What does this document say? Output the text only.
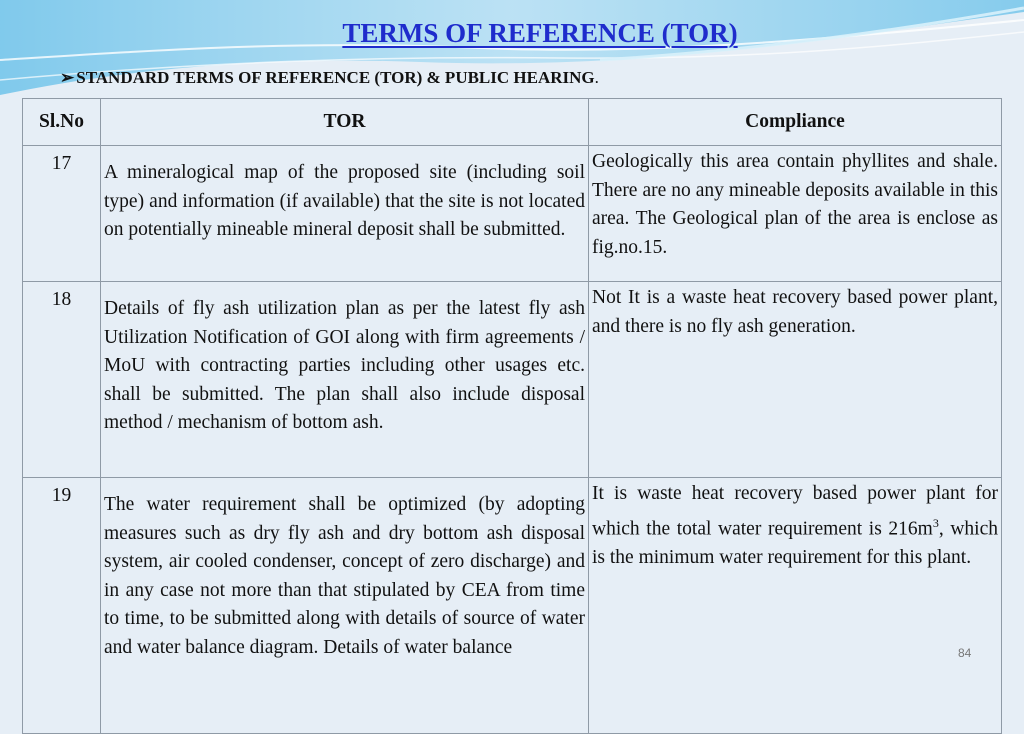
TERMS OF REFERENCE (TOR)
➢ STANDARD TERMS OF REFERENCE (TOR) & PUBLIC HEARING.
Sl.No	TOR	Compliance
17	A mineralogical map of the proposed site (including soil type) and information (if available) that the site is not located on potentially mineable mineral deposit shall be submitted.	Geologically this area contain phyllites and shale. There are no any mineable deposits available in this area. The Geological plan of the area is enclose as fig.no.15.
18	Details of fly ash utilization plan as per the latest fly ash Utilization Notification of GOI along with firm agreements / MoU with contracting parties including other usages etc. shall be submitted. The plan shall also include disposal method / mechanism of bottom ash.	Not It is a waste heat recovery based power plant, and there is no fly ash generation.
19	The water requirement shall be optimized (by adopting measures such as dry fly ash and dry bottom ash disposal system, air cooled condenser, concept of zero discharge) and in any case not more than that stipulated by CEA from time to time, to be submitted along with details of source of water and water balance diagram. Details of water balance	It is waste heat recovery based power plant for which the total water requirement is $216m^3$, which is the minimum water requirement for this plant.
84
